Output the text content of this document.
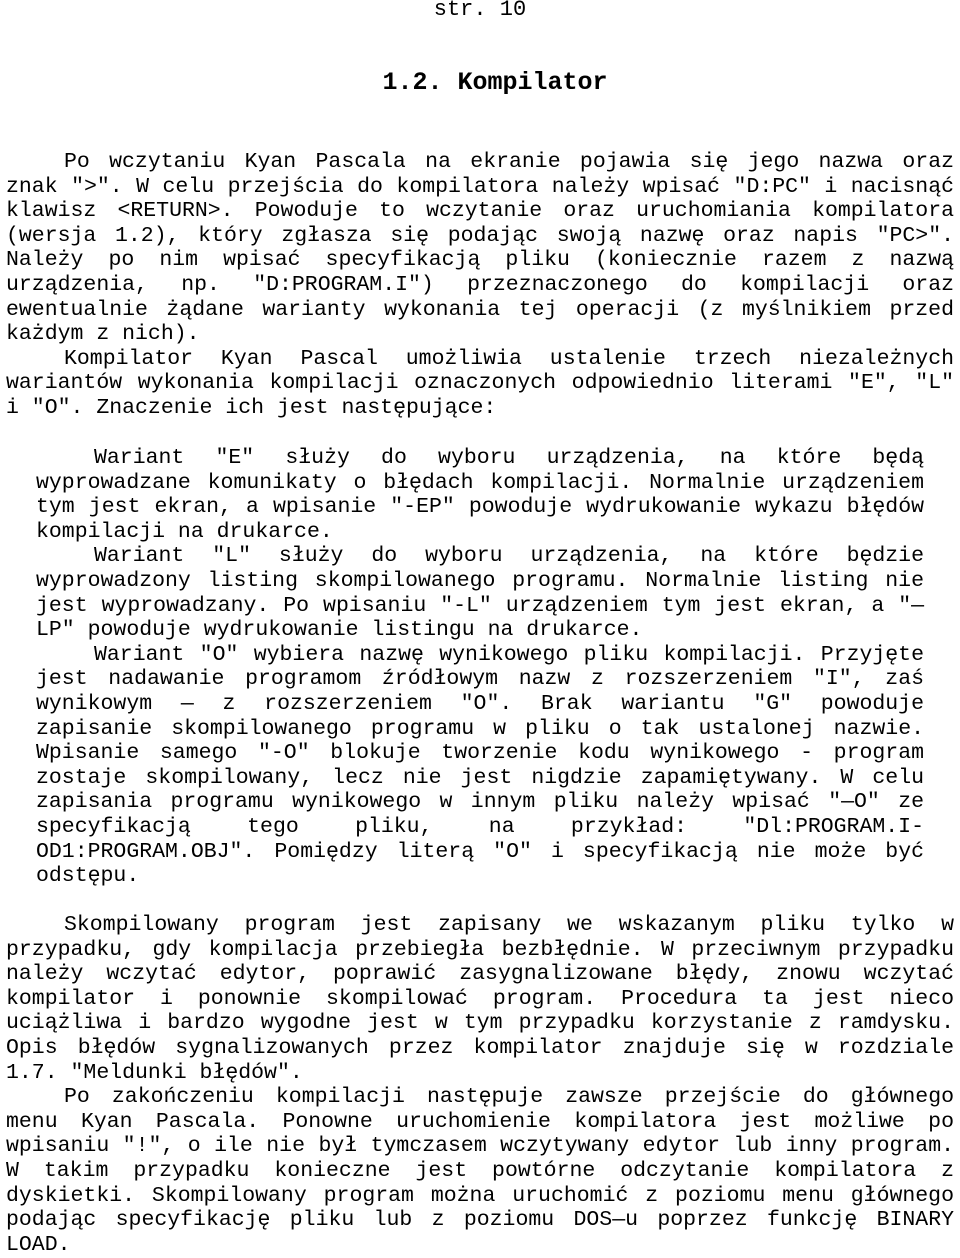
str. 10

1.2. Kompilator
Po wczytaniu Kyan Pascala na ekranie pojawia się jego nazwa oraz znak ">". W celu przejścia do kompilatora należy wpisać "D:PC" i nacisnąć klawisz <RETURN>. Powoduje to wczytanie oraz uruchomiania kompilatora (wersja 1.2), który zgłasza się podając swoją nazwę oraz napis "PC>". Należy po nim wpisać specyfikacją pliku (koniecznie razem z nazwą urządzenia, np. "D:PROGRAM.I") przeznaczonego do kompilacji oraz ewentualnie żądane warianty wykonania tej operacji (z myślnikiem przed każdym z nich).
Kompilator Kyan Pascal umożliwia ustalenie trzech niezależnych wariantów wykonania kompilacji oznaczonych odpowiednio literami "E", "L" i "O". Znaczenie ich jest następujące:
Wariant "E" służy do wyboru urządzenia, na które będą wyprowadzane komunikaty o błędach kompilacji. Normalnie urządzeniem tym jest ekran, a wpisanie "-EP" powoduje wydrukowanie wykazu błędów kompilacji na drukarce.
Wariant "L" służy do wyboru urządzenia, na które będzie wyprowadzony listing skompilowanego programu. Normalnie listing nie jest wyprowadzany. Po wpisaniu "-L" urządzeniem tym jest ekran, a "—LP" powoduje wydrukowanie listingu na drukarce.
Wariant "O" wybiera nazwę wynikowego pliku kompilacji. Przyjęte jest nadawanie programom źródłowym nazw z rozszerzeniem "I", zaś wynikowym — z rozszerzeniem "O". Brak wariantu "G" powoduje zapisanie skompilowanego programu w pliku o tak ustalonej nazwie. Wpisanie samego "-O" blokuje tworzenie kodu wynikowego - program zostaje skompilowany, lecz nie jest nigdzie zapamiętywany. W celu zapisania programu wynikowego w innym pliku należy wpisać "—O" ze specyfikacją tego pliku, na przykład: "Dl:PROGRAM.I-OD1:PROGRAM.OBJ". Pomiędzy literą "O" i specyfikacją nie może być odstępu.
Skompilowany program jest zapisany we wskazanym pliku tylko w przypadku, gdy kompilacja przebiegła bezbłędnie. W przeciwnym przypadku należy wczytać edytor, poprawić zasygnalizowane błędy, znowu wczytać kompilator i ponownie skompilować program. Procedura ta jest nieco uciążliwa i bardzo wygodne jest w tym przypadku korzystanie z ramdysku. Opis błędów sygnalizowanych przez kompilator znajduje się w rozdziale 1.7. "Meldunki błędów".
Po zakończeniu kompilacji następuje zawsze przejście do głównego menu Kyan Pascala. Ponowne uruchomienie kompilatora jest możliwe po wpisaniu "!", o ile nie był tymczasem wczytywany edytor lub inny program. W takim przypadku konieczne jest powtórne odczytanie kompilatora z dyskietki. Skompilowany program można uruchomić z poziomu menu głównego podając specyfikację pliku lub z poziomu DOS—u poprzez funkcję BINARY LOAD.
